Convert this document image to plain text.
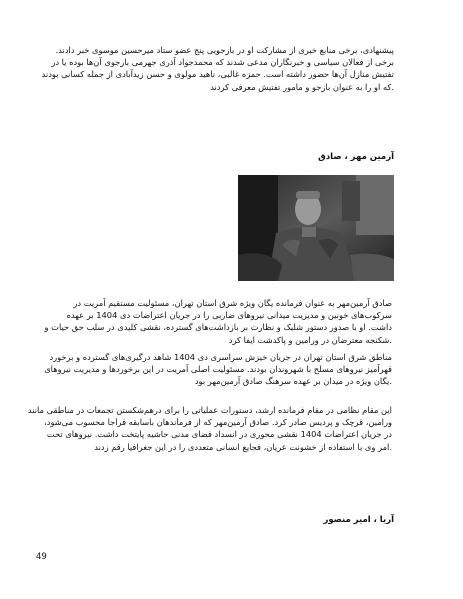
پیشنهادی، برخی منابع خبری از مشارکت او در بازجویی پنج عضو ستاد میرحسین موسوی خبر دادند.
برخی از فعالان سیاسی و خبرنگاران مدعی شدند که محمدجواد آذری جهرمی بازجوی آن‌ها بوده یا در
تفتیش منازل آن‌ها حضور داشته است. حمزه غالبی، ناهید مولوی و حسن زیدآبادی از جمله کسانی بودند
.که او را به عنوان بازجو و مامور تفتیش معرفی کردند
آرمین مهر ، صادق
صادق آرمین‌مهر به عنوان فرمانده یگان ویژه شرق استان تهران، مسئولیت مستقیم آمریت در
سرکوب‌های خونین و مدیریت میدانی نیروهای ضاربی را در جریان اعتراضات دی 1404 بر عهده
داشت. او با صدور دستور شلیک و نظارت بر بازداشت‌های گسترده، نقشی کلیدی در سلب حق حیات و
.شکنجه معترضان در ورامین و پاکدشت ایفا کرد
مناطق شرق استان تهران در جریان خیزش سراسری دی 1404 شاهد درگیری‌های گسترده و برخورد
قهرآمیز نیروهای مسلح با شهروندان بودند. مسئولیت اصلی آمریت در این برخوردها و مدیریت نیروهای
.یگان ویژه در میدان بر عهده سرهنگ صادق آرمین‌مهر بود
این مقام نظامی در مقام فرمانده ارشد، دستورات عملیاتی را برای درهم‌شکستن تجمعات در مناطقی مانند
ورامین، قرچک و پردیس صادر کرد. صادق آرمین‌مهر که از فرماندهان باسابقه فراجا محسوب می‌شود،
در جریان اعتراضات 1404 نقشی محوری در انسداد فضای مدنی حاشیه پایتخت داشت. نیروهای تحت
.امر وی با استفاده از خشونت عریان، فجایع انسانی متعددی را در این جغرافیا رقم زدند
آریا ، امیر منصور
49
